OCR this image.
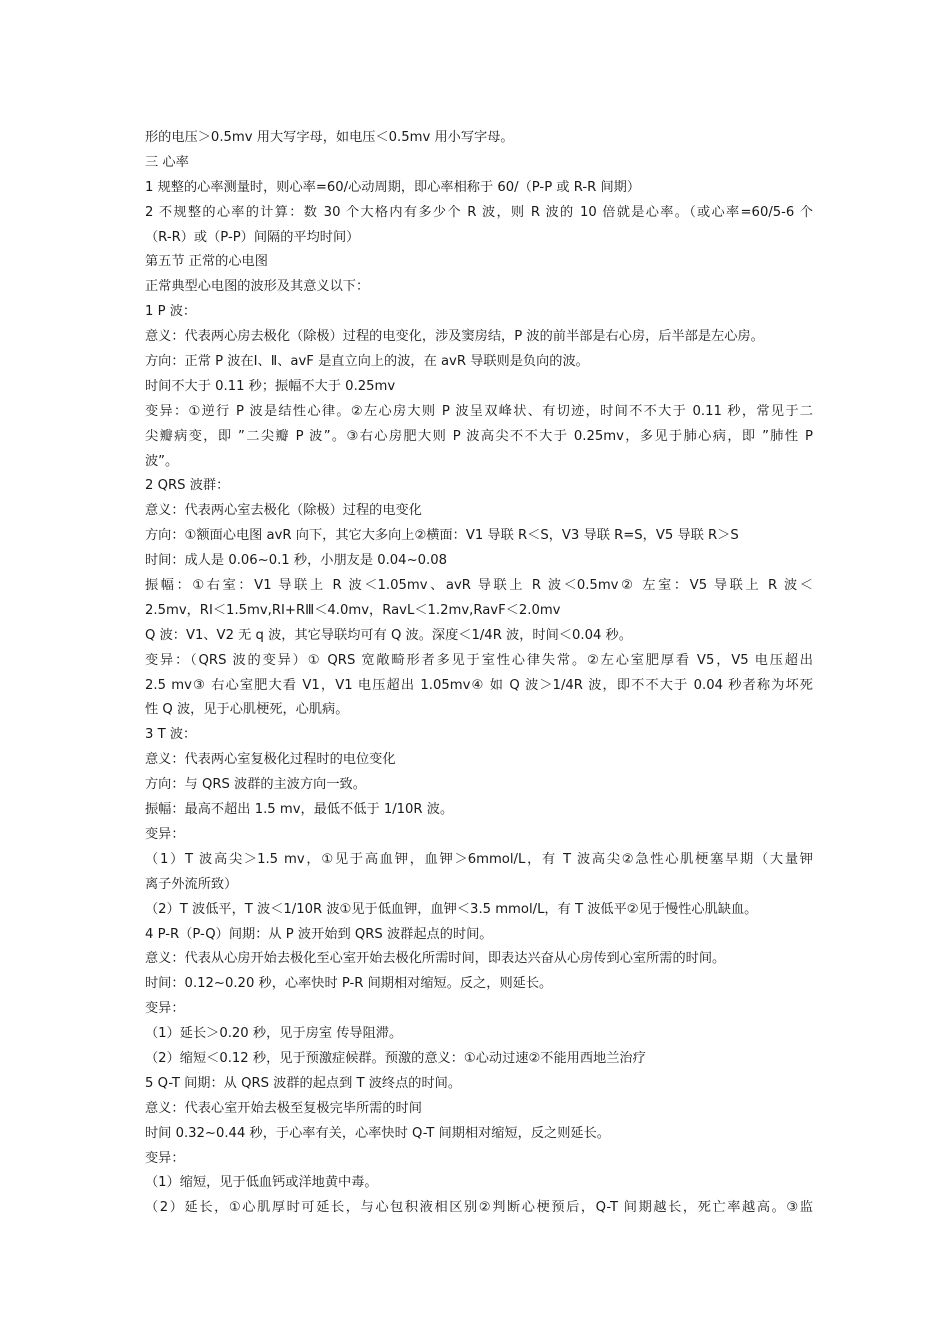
形的电压＞0.5mv 用大写字母，如电压＜0.5mv 用小写字母。
三 心率
1 规整的心率测量时，则心率=60/心动周期，即心率相称于 60/（P-P 或 R-R 间期）
2 不规整的心率的计算：数 30 个大格内有多少个 R 波，则 R 波的 10 倍就是心率。（或心率=60/5-6 个
（R-R）或（P-P）间隔的平均时间）
第五节 正常的心电图
正常典型心电图的波形及其意义以下：
1 P 波：
意义：代表两心房去极化（除极）过程的电变化，涉及窦房结，P 波的前半部是右心房，后半部是左心房。
方向：正常 P 波在Ⅰ、Ⅱ、avF 是直立向上的波，在 avR 导联则是负向的波。
时间不大于 0.11 秒；振幅不大于 0.25mv
变异：①逆行 P 波是结性心律。②左心房大则 P 波呈双峰状、有切迹，时间不不大于 0.11 秒，常见于二
尖瓣病变，即 ”二尖瓣 P 波”。③右心房肥大则 P 波高尖不不大于 0.25mv，多见于肺心病，即 ”肺性 P
波”。
2 QRS 波群：
意义：代表两心室去极化（除极）过程的电变化
方向：①额面心电图 avR 向下，其它大多向上②横面：V1 导联 R＜S，V3 导联 R=S，V5 导联 R＞S
时间：成人是 0.06~0.1 秒，小朋友是 0.04~0.08
振幅：①右室：V1 导联上 R 波＜1.05mv、avR 导联上 R 波＜0.5mv② 左室：V5 导联上 R 波＜
2.5mv，RⅠ＜1.5mv,RⅠ+RⅢ＜4.0mv，RavL＜1.2mv,RavF＜2.0mv
Q 波：V1、V2 无 q 波，其它导联均可有 Q 波。深度＜1/4R 波，时间＜0.04 秒。
变异：（QRS 波的变异）① QRS 宽敞畸形者多见于室性心律失常。②左心室肥厚看 V5，V5 电压超出
2.5 mv③ 右心室肥大看 V1，V1 电压超出 1.05mv④ 如 Q 波＞1/4R 波，即不不大于 0.04 秒者称为坏死
性 Q 波，见于心肌梗死，心肌病。
3 T 波：
意义：代表两心室复极化过程时的电位变化
方向：与 QRS 波群的主波方向一致。
振幅：最高不超出 1.5 mv，最低不低于 1/10R 波。
变异：
（1）T 波高尖＞1.5 mv，①见于高血钾，血钾＞6mmol/L，有 T 波高尖②急性心肌梗塞早期（大量钾
离子外流所致）
（2）T 波低平，T 波＜1/10R 波①见于低血钾，血钾＜3.5 mmol/L，有 T 波低平②见于慢性心肌缺血。
4 P-R（P-Q）间期：从 P 波开始到 QRS 波群起点的时间。
意义：代表从心房开始去极化至心室开始去极化所需时间，即表达兴奋从心房传到心室所需的时间。
时间：0.12~0.20 秒，心率快时 P-R 间期相对缩短。反之，则延长。
变异：
（1）延长＞0.20 秒，见于房室 传导阻滞。
（2）缩短＜0.12 秒，见于预激症候群。预激的意义：①心动过速②不能用西地兰治疗
5 Q-T 间期：从 QRS 波群的起点到 T 波终点的时间。
意义：代表心室开始去极至复极完毕所需的时间
时间 0.32~0.44 秒，于心率有关，心率快时 Q-T 间期相对缩短，反之则延长。
变异：
（1）缩短，见于低血钙或洋地黄中毒。
（2）延长，①心肌厚时可延长，与心包积液相区别②判断心梗预后，Q-T 间期越长，死亡率越高。③监
